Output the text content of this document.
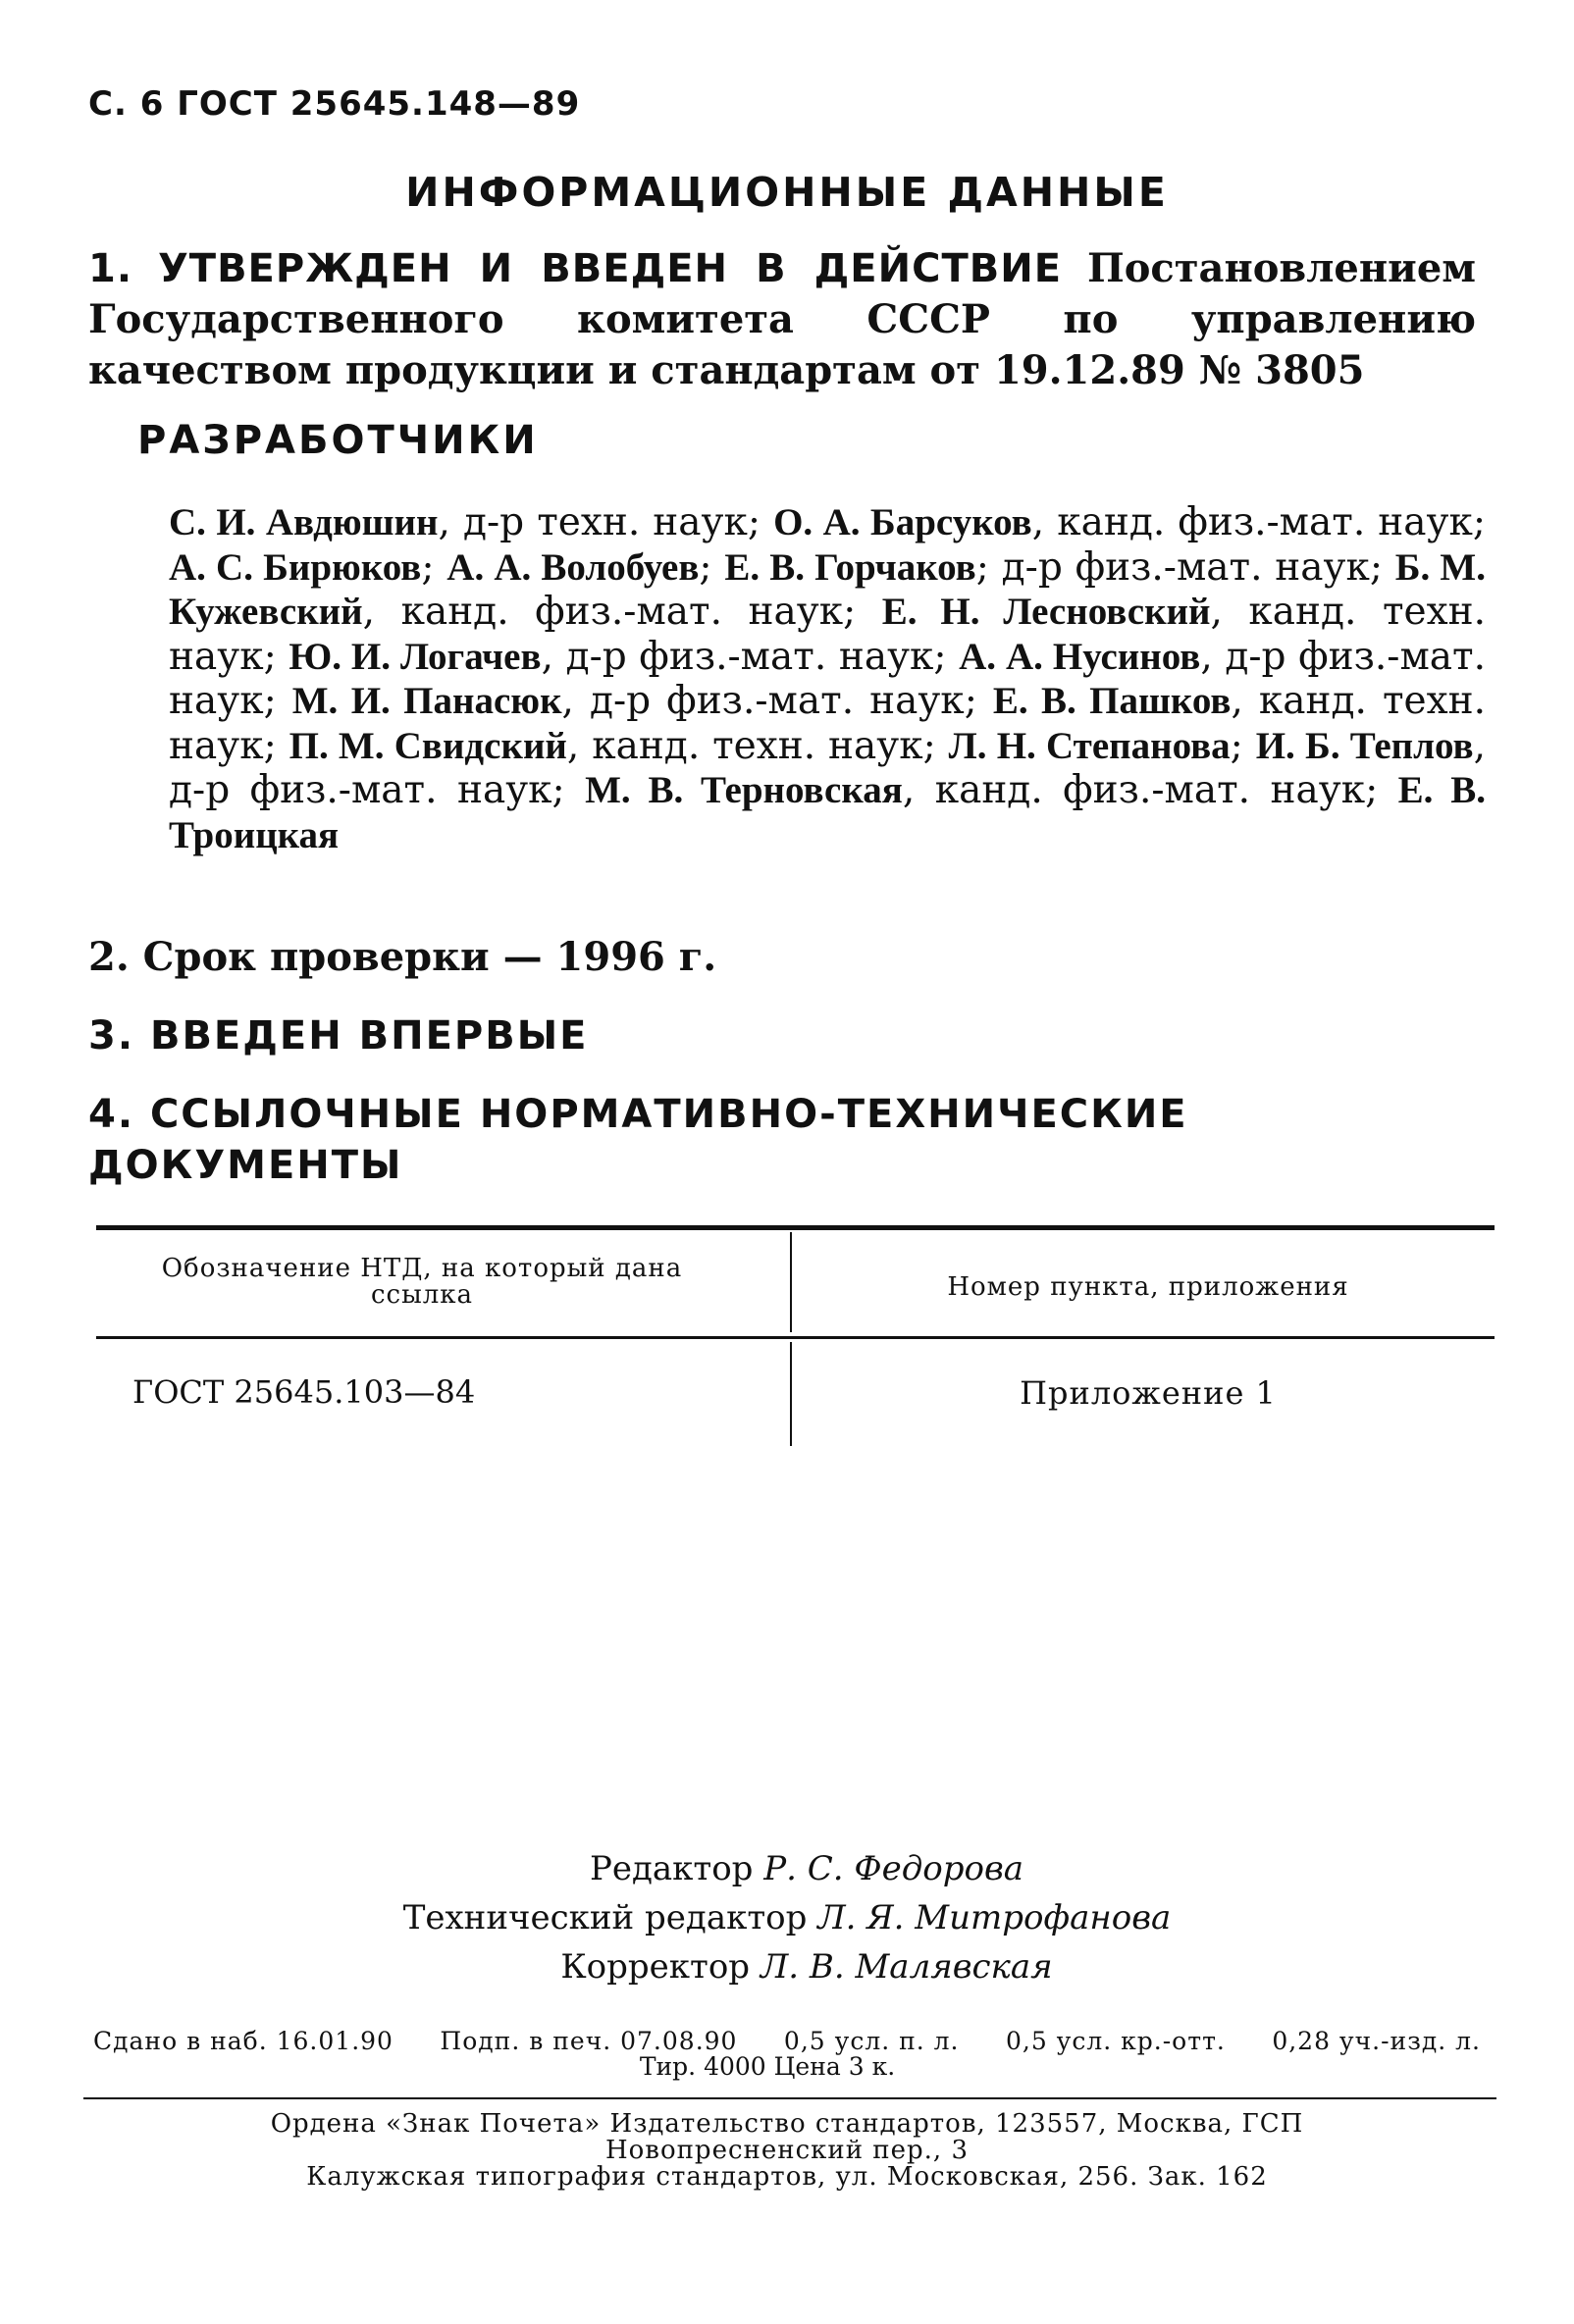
С. 6 ГОСТ 25645.148—89
ИНФОРМАЦИОННЫЕ ДАННЫЕ

1. УТВЕРЖДЕН И ВВЕДЕН В ДЕЙСТВИЕ Постановлением Государственного комитета СССР по управлению качеством продукции и стандартам от 19.12.89 № 3805

РАЗРАБОТЧИКИ

С. И. Авдюшин, д-р техн. наук; О. А. Барсуков, канд. физ.-мат. наук; А. С. Бирюков; А. А. Волобуев; Е. В. Горчаков; д-р физ.-мат. наук; Б. М. Кужевский, канд. физ.-мат. наук; Е. Н. Лесновский, канд. техн. наук; Ю. И. Логачев, д-р физ.-мат. наук; А. А. Нусинов, д-р физ.-мат. наук; М. И. Панасюк, д-р физ.-мат. наук; Е. В. Пашков, канд. техн. наук; П. М. Свидский, канд. техн. наук; Л. Н. Степанова; И. Б. Теплов, д-р физ.-мат. наук; М. В. Терновская, канд. физ.-мат. наук; Е. В. Троицкая

2. Срок проверки — 1996 г.

3. ВВЕДЕН ВПЕРВЫЕ

4. ССЫЛОЧНЫЕ НОРМАТИВНО-ТЕХНИЧЕСКИЕ ДОКУМЕНТЫ

Обозначение НТД, на который дана ссылка	Номер пункта, приложения
ГОСТ 25645.103—84	Приложение 1
Редактор Р. С. Федорова
Технический редактор Л. Я. Митрофанова
Корректор Л. В. Малявская
Сдано в наб. 16.01.90 Подп. в печ. 07.08.90 0,5 усл. п. л. 0,5 усл. кр.-отт. 0,28 уч.-изд. л.
Тир. 4000 Цена 3 к.
Ордена «Знак Почета» Издательство стандартов, 123557, Москва, ГСП
Новопресненский пер., 3
Калужская типография стандартов, ул. Московская, 256. Зак. 162
